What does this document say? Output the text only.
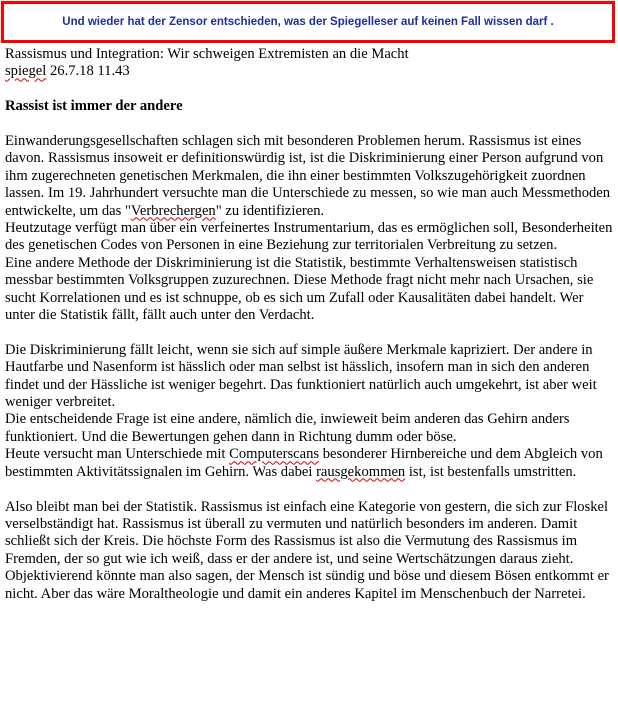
Und wieder hat der Zensor entschieden, was der Spiegelleser auf keinen Fall wissen darf .

Rassismus und Integration: Wir schweigen Extremisten an die Macht

spiegel 26.7.18 11.43

Rassist ist immer der andere

Einwanderungsgesellschaften schlagen sich mit besonderen Problemen herum. Rassismus ist eines davon. Rassismus insoweit er definitionswürdig ist, ist die Diskriminierung einer Person aufgrund von ihm zugerechneten genetischen Merkmalen, die ihn einer bestimmten Volkszugehörigkeit zuordnen lassen. Im 19. Jahrhundert versuchte man die Unterschiede zu messen, so wie man auch Messmethoden entwickelte, um das "Verbrechergen" zu identifizieren.

Heutzutage verfügt man über ein verfeinertes Instrumentarium, das es ermöglichen soll, Besonderheiten des genetischen Codes von Personen in eine Beziehung zur territorialen Verbreitung zu setzen.

Eine andere Methode der Diskriminierung ist die Statistik, bestimmte Verhaltensweisen statistisch messbar bestimmten Volksgruppen zuzurechnen. Diese Methode fragt nicht mehr nach Ursachen, sie sucht Korrelationen und es ist schnuppe, ob es sich um Zufall oder Kausalitäten dabei handelt. Wer unter die Statistik fällt, fällt auch unter den Verdacht.

Die Diskriminierung fällt leicht, wenn sie sich auf simple äußere Merkmale kapriziert. Der andere in Hautfarbe und Nasenform ist hässlich oder man selbst ist hässlich, insofern man in sich den anderen findet und der Hässliche ist weniger begehrt. Das funktioniert natürlich auch umgekehrt, ist aber weit weniger verbreitet.

Die entscheidende Frage ist eine andere, nämlich die, inwieweit beim anderen das Gehirn anders funktioniert. Und die Bewertungen gehen dann in Richtung dumm oder böse.

Heute versucht man Unterschiede mit Computerscans besonderer Hirnbereiche und dem Abgleich von bestimmten Aktivitätssignalen im Gehirn. Was dabei rausgekommen ist, ist bestenfalls umstritten.

Also bleibt man bei der Statistik. Rassismus ist einfach eine Kategorie von gestern, die sich zur Floskel verselbständigt hat. Rassismus ist überall zu vermuten und natürlich besonders im anderen. Damit schließt sich der Kreis. Die höchste Form des Rassismus ist also die Vermutung des Rassismus im Fremden, der so gut wie ich weiß, dass er der andere ist, und seine Wertschätzungen daraus zieht.

Objektivierend könnte man also sagen, der Mensch ist sündig und böse und diesem Bösen entkommt er nicht. Aber das wäre Moraltheologie und damit ein anderes Kapitel im Menschenbuch der Narretei.
